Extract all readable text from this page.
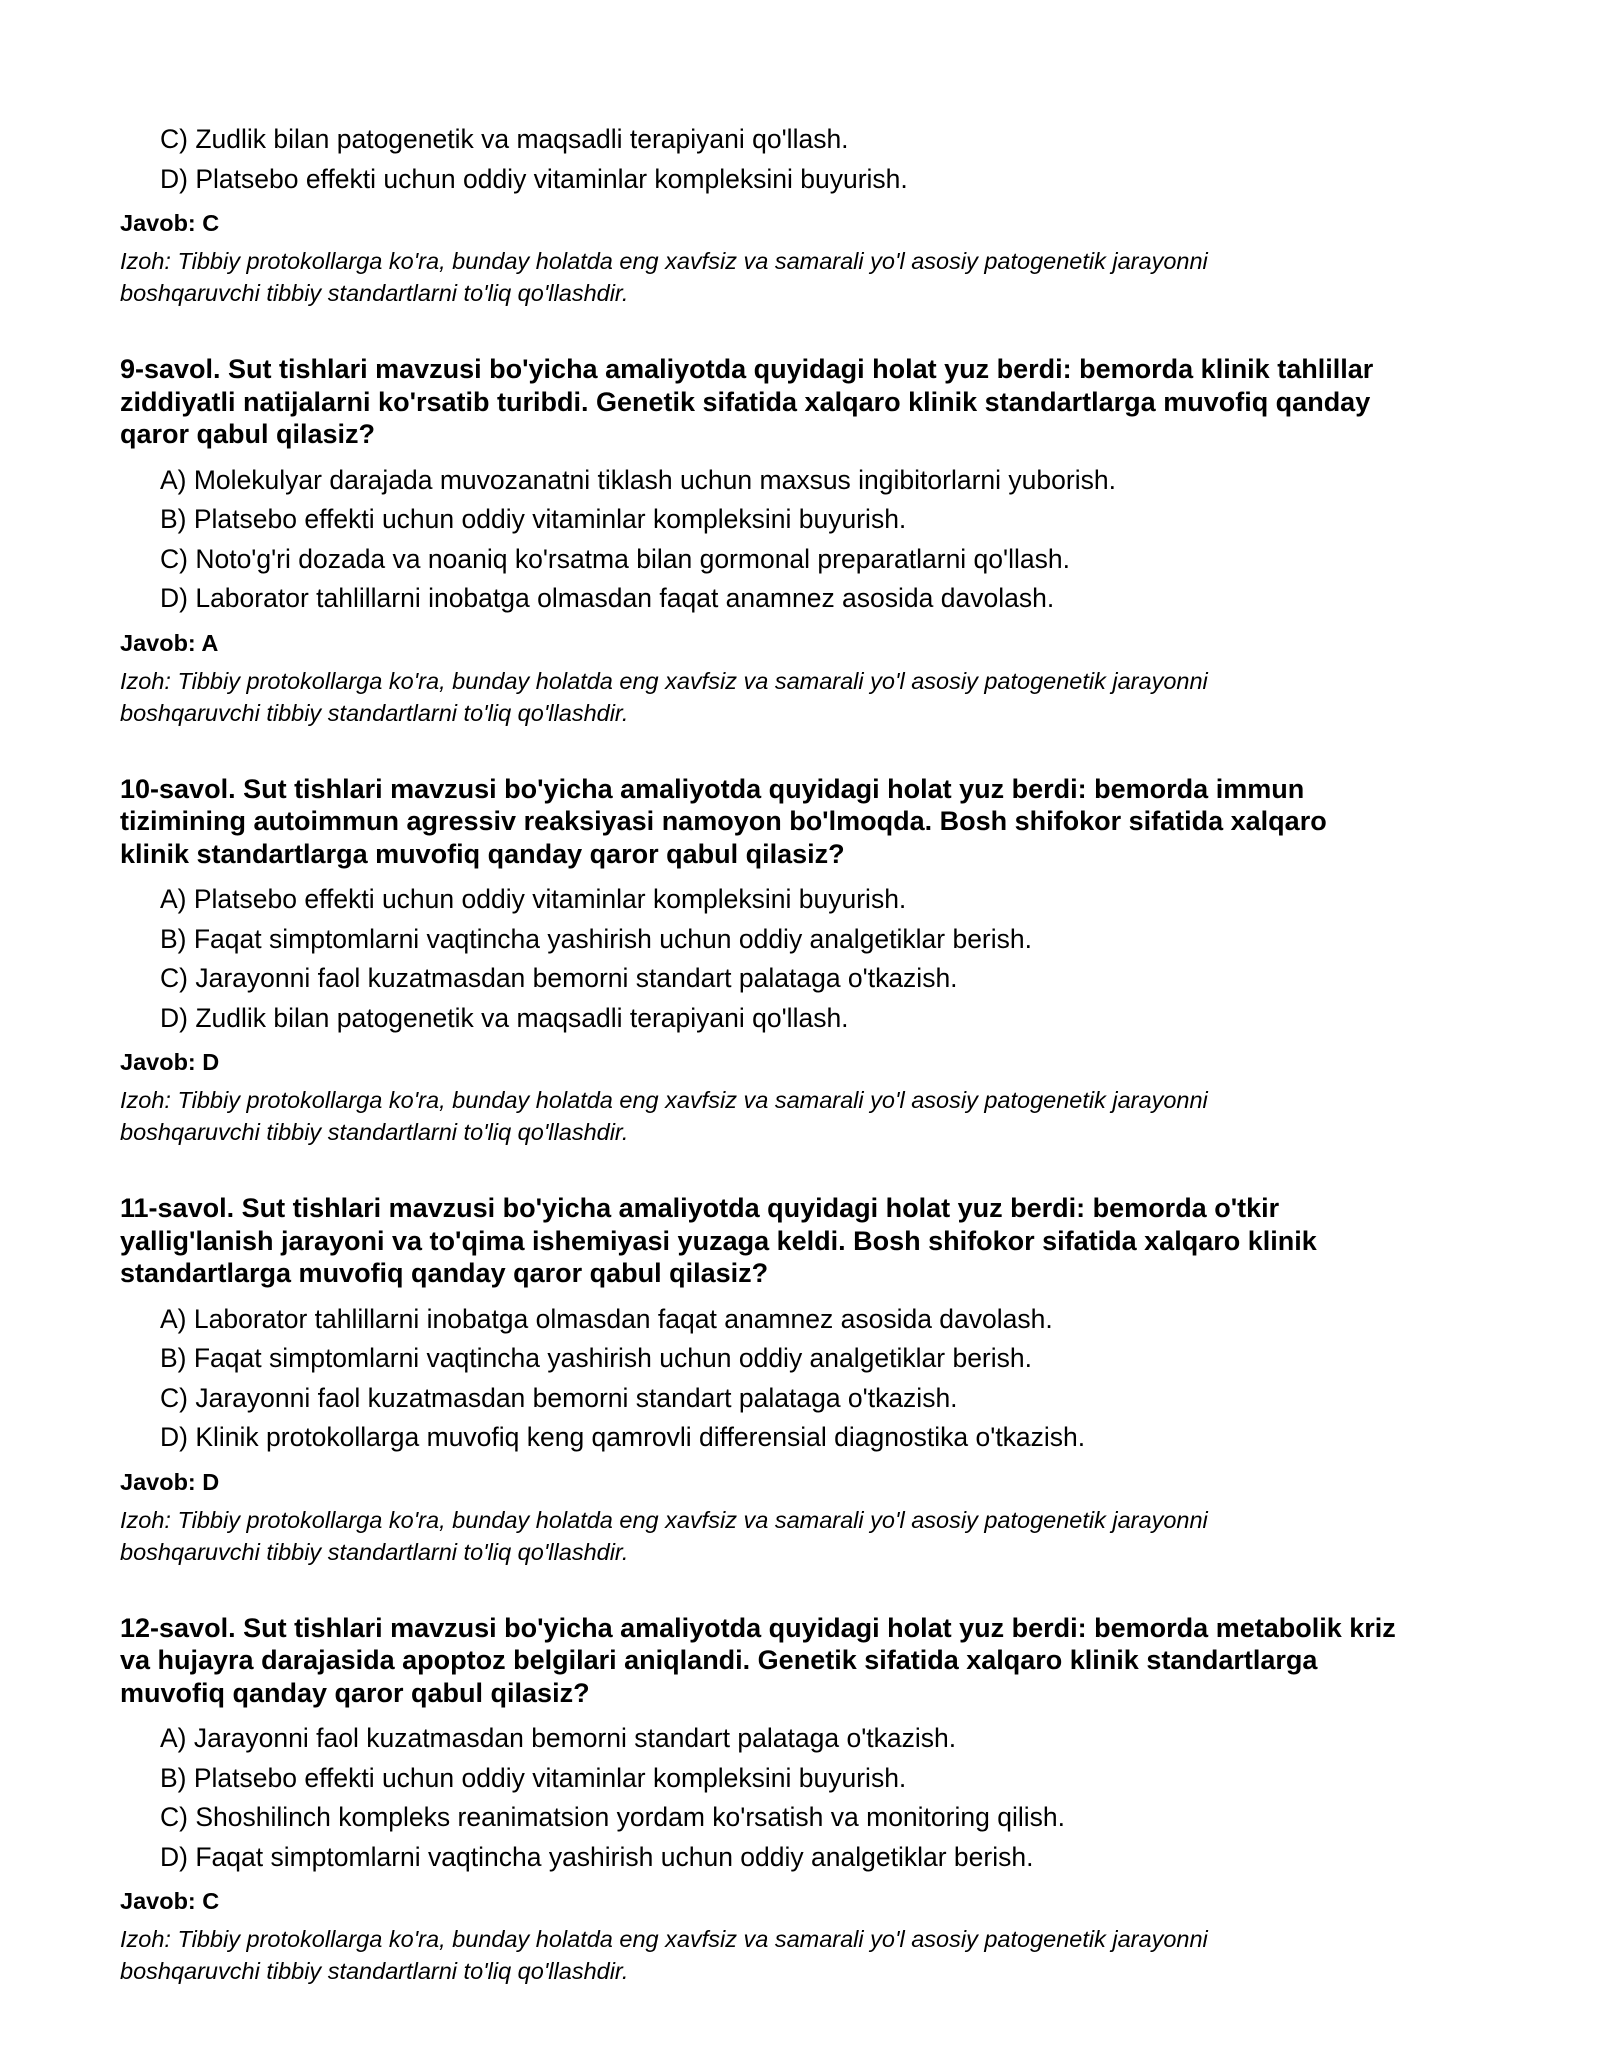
C) Zudlik bilan patogenetik va maqsadli terapiyani qo'llash.
D) Platsebo effekti uchun oddiy vitaminlar kompleksini buyurish.
Javob: C
Izoh: Tibbiy protokollarga ko'ra, bunday holatda eng xavfsiz va samarali yo'l asosiy patogenetik jarayonni
boshqaruvchi tibbiy standartlarni to'liq qo'llashdir.
9-savol. Sut tishlari mavzusi bo'yicha amaliyotda quyidagi holat yuz berdi: bemorda klinik tahlillar
ziddiyatli natijalarni ko'rsatib turibdi. Genetik sifatida xalqaro klinik standartlarga muvofiq qanday
qaror qabul qilasiz?
A) Molekulyar darajada muvozanatni tiklash uchun maxsus ingibitorlarni yuborish.
B) Platsebo effekti uchun oddiy vitaminlar kompleksini buyurish.
C) Noto'g'ri dozada va noaniq ko'rsatma bilan gormonal preparatlarni qo'llash.
D) Laborator tahlillarni inobatga olmasdan faqat anamnez asosida davolash.
Javob: A
Izoh: Tibbiy protokollarga ko'ra, bunday holatda eng xavfsiz va samarali yo'l asosiy patogenetik jarayonni
boshqaruvchi tibbiy standartlarni to'liq qo'llashdir.
10-savol. Sut tishlari mavzusi bo'yicha amaliyotda quyidagi holat yuz berdi: bemorda immun
tizimining autoimmun agressiv reaksiyasi namoyon bo'lmoqda. Bosh shifokor sifatida xalqaro
klinik standartlarga muvofiq qanday qaror qabul qilasiz?
A) Platsebo effekti uchun oddiy vitaminlar kompleksini buyurish.
B) Faqat simptomlarni vaqtincha yashirish uchun oddiy analgetiklar berish.
C) Jarayonni faol kuzatmasdan bemorni standart palataga o'tkazish.
D) Zudlik bilan patogenetik va maqsadli terapiyani qo'llash.
Javob: D
Izoh: Tibbiy protokollarga ko'ra, bunday holatda eng xavfsiz va samarali yo'l asosiy patogenetik jarayonni
boshqaruvchi tibbiy standartlarni to'liq qo'llashdir.
11-savol. Sut tishlari mavzusi bo'yicha amaliyotda quyidagi holat yuz berdi: bemorda o'tkir
yallig'lanish jarayoni va to'qima ishemiyasi yuzaga keldi. Bosh shifokor sifatida xalqaro klinik
standartlarga muvofiq qanday qaror qabul qilasiz?
A) Laborator tahlillarni inobatga olmasdan faqat anamnez asosida davolash.
B) Faqat simptomlarni vaqtincha yashirish uchun oddiy analgetiklar berish.
C) Jarayonni faol kuzatmasdan bemorni standart palataga o'tkazish.
D) Klinik protokollarga muvofiq keng qamrovli differensial diagnostika o'tkazish.
Javob: D
Izoh: Tibbiy protokollarga ko'ra, bunday holatda eng xavfsiz va samarali yo'l asosiy patogenetik jarayonni
boshqaruvchi tibbiy standartlarni to'liq qo'llashdir.
12-savol. Sut tishlari mavzusi bo'yicha amaliyotda quyidagi holat yuz berdi: bemorda metabolik kriz
va hujayra darajasida apoptoz belgilari aniqlandi. Genetik sifatida xalqaro klinik standartlarga
muvofiq qanday qaror qabul qilasiz?
A) Jarayonni faol kuzatmasdan bemorni standart palataga o'tkazish.
B) Platsebo effekti uchun oddiy vitaminlar kompleksini buyurish.
C) Shoshilinch kompleks reanimatsion yordam ko'rsatish va monitoring qilish.
D) Faqat simptomlarni vaqtincha yashirish uchun oddiy analgetiklar berish.
Javob: C
Izoh: Tibbiy protokollarga ko'ra, bunday holatda eng xavfsiz va samarali yo'l asosiy patogenetik jarayonni
boshqaruvchi tibbiy standartlarni to'liq qo'llashdir.
